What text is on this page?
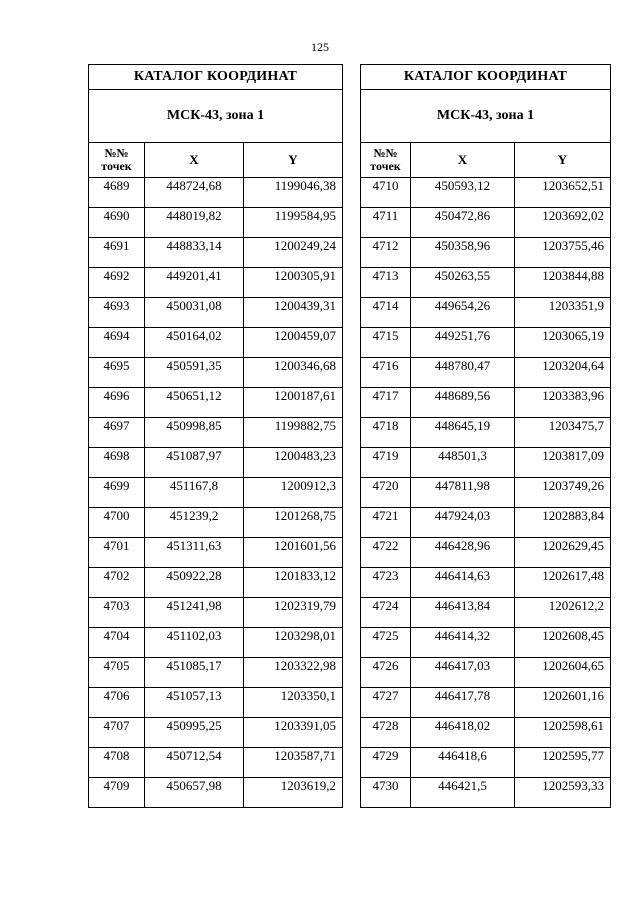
125
КАТАЛОГ КООРДИНАТ		
МСК-43, зона 1		
№№
точек	X	Y
4689	448724,68	1199046,38
4690	448019,82	1199584,95
4691	448833,14	1200249,24
4692	449201,41	1200305,91
4693	450031,08	1200439,31
4694	450164,02	1200459,07
4695	450591,35	1200346,68
4696	450651,12	1200187,61
4697	450998,85	1199882,75
4698	451087,97	1200483,23
4699	451167,8	1200912,3
4700	451239,2	1201268,75
4701	451311,63	1201601,56
4702	450922,28	1201833,12
4703	451241,98	1202319,79
4704	451102,03	1203298,01
4705	451085,17	1203322,98
4706	451057,13	1203350,1
4707	450995,25	1203391,05
4708	450712,54	1203587,71
4709	450657,98	1203619,2
КАТАЛОГ КООРДИНАТ		
МСК-43, зона 1		
№№
точек	X	Y
4710	450593,12	1203652,51
4711	450472,86	1203692,02
4712	450358,96	1203755,46
4713	450263,55	1203844,88
4714	449654,26	1203351,9
4715	449251,76	1203065,19
4716	448780,47	1203204,64
4717	448689,56	1203383,96
4718	448645,19	1203475,7
4719	448501,3	1203817,09
4720	447811,98	1203749,26
4721	447924,03	1202883,84
4722	446428,96	1202629,45
4723	446414,63	1202617,48
4724	446413,84	1202612,2
4725	446414,32	1202608,45
4726	446417,03	1202604,65
4727	446417,78	1202601,16
4728	446418,02	1202598,61
4729	446418,6	1202595,77
4730	446421,5	1202593,33
